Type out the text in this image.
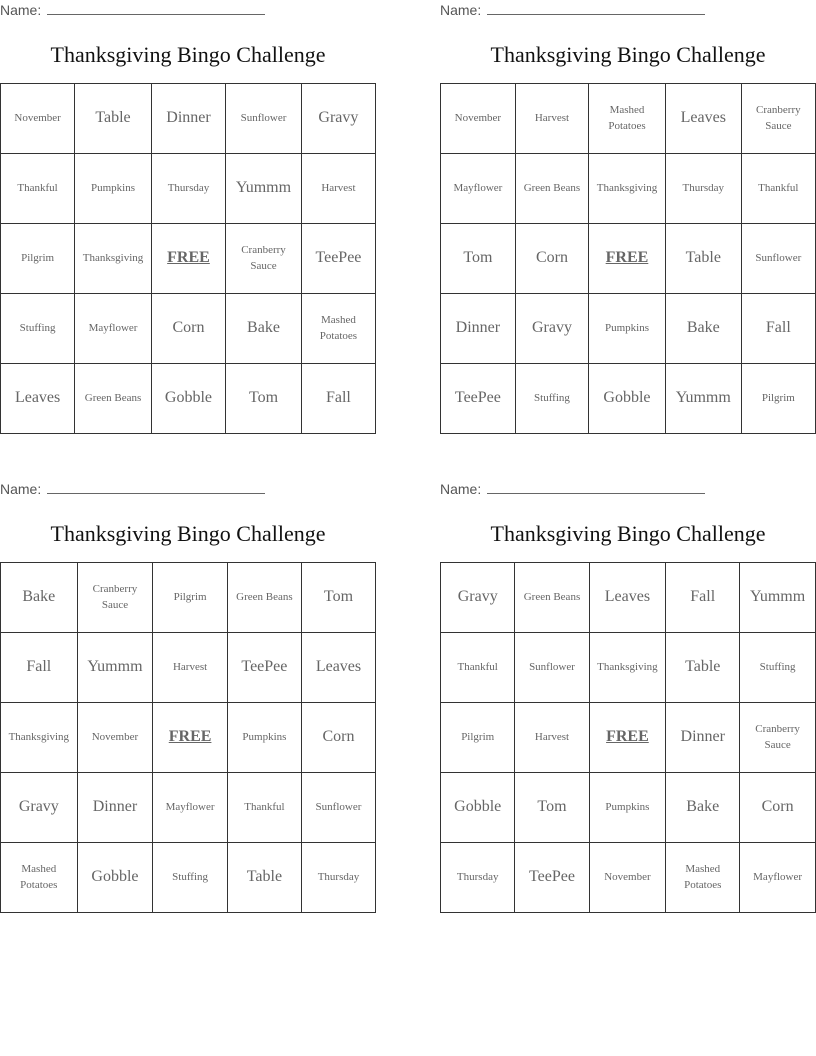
Name:
Thanksgiving Bingo Challenge
November	Table	Dinner	Sunflower	Gravy
Thankful	Pumpkins	Thursday	Yummm	Harvest
Pilgrim	Thanksgiving	FREE	Cranberry Sauce	TeePee
Stuffing	Mayflower	Corn	Bake	Mashed Potatoes
Leaves	Green Beans	Gobble	Tom	Fall
Name:
Thanksgiving Bingo Challenge
November	Harvest	Mashed Potatoes	Leaves	Cranberry Sauce
Mayflower	Green Beans	Thanksgiving	Thursday	Thankful
Tom	Corn	FREE	Table	Sunflower
Dinner	Gravy	Pumpkins	Bake	Fall
TeePee	Stuffing	Gobble	Yummm	Pilgrim
Name:
Thanksgiving Bingo Challenge
Bake	Cranberry Sauce	Pilgrim	Green Beans	Tom
Fall	Yummm	Harvest	TeePee	Leaves
Thanksgiving	November	FREE	Pumpkins	Corn
Gravy	Dinner	Mayflower	Thankful	Sunflower
Mashed Potatoes	Gobble	Stuffing	Table	Thursday
Name:
Thanksgiving Bingo Challenge
Gravy	Green Beans	Leaves	Fall	Yummm
Thankful	Sunflower	Thanksgiving	Table	Stuffing
Pilgrim	Harvest	FREE	Dinner	Cranberry Sauce
Gobble	Tom	Pumpkins	Bake	Corn
Thursday	TeePee	November	Mashed Potatoes	Mayflower
